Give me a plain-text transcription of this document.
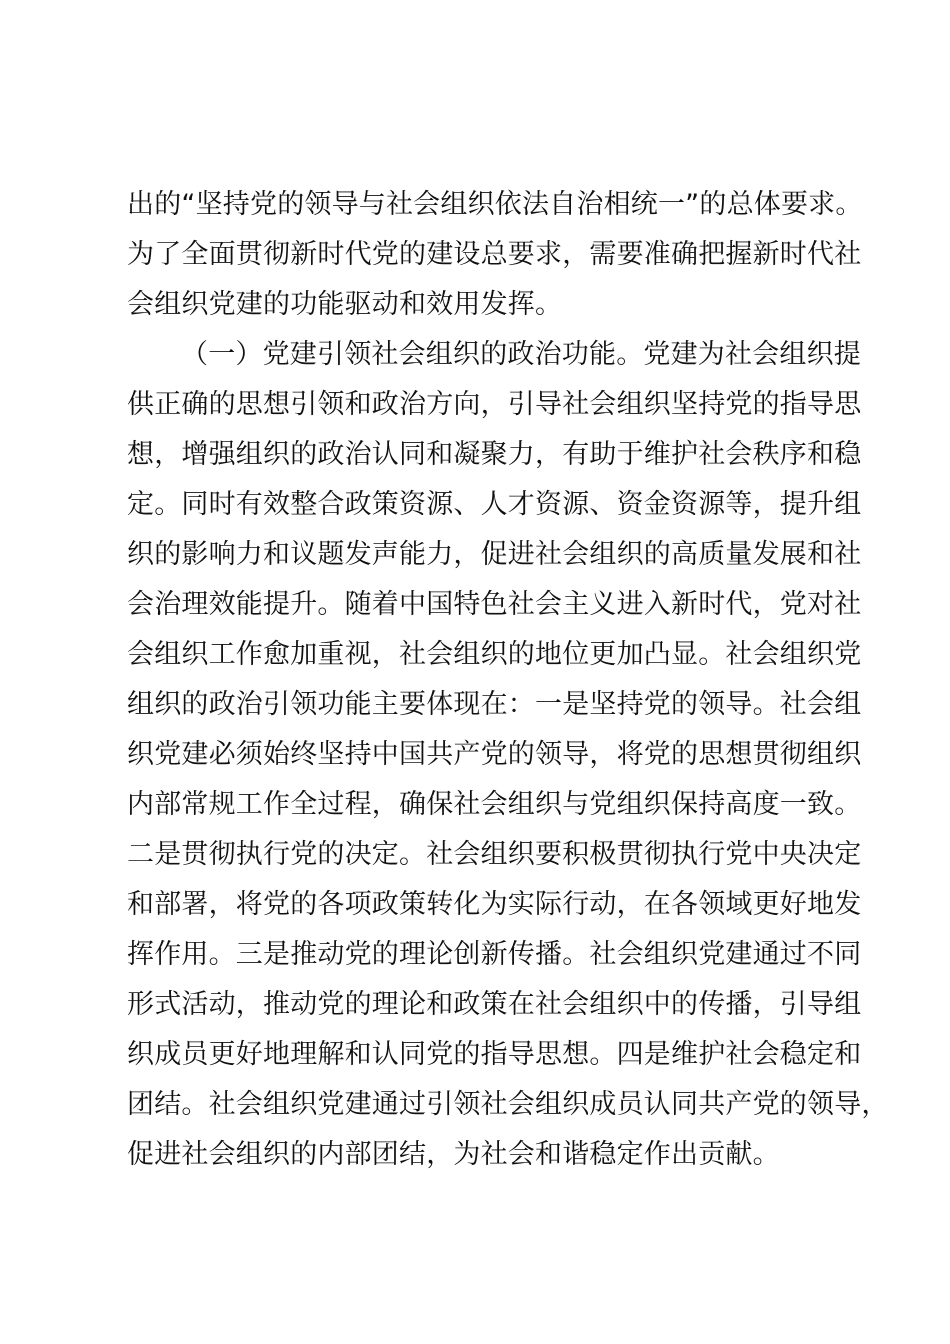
出的“坚持党的领导与社会组织依法自治相统一”的总体要求。

为了全面贯彻新时代党的建设总要求，需要准确把握新时代社

会组织党建的功能驱动和效用发挥。

（一）党建引领社会组织的政治功能。党建为社会组织提

供正确的思想引领和政治方向，引导社会组织坚持党的指导思

想，增强组织的政治认同和凝聚力，有助于维护社会秩序和稳

定。同时有效整合政策资源、人才资源、资金资源等，提升组

织的影响力和议题发声能力，促进社会组织的高质量发展和社

会治理效能提升。随着中国特色社会主义进入新时代，党对社

会组织工作愈加重视，社会组织的地位更加凸显。社会组织党

组织的政治引领功能主要体现在：一是坚持党的领导。社会组

织党建必须始终坚持中国共产党的领导，将党的思想贯彻组织

内部常规工作全过程，确保社会组织与党组织保持高度一致。

二是贯彻执行党的决定。社会组织要积极贯彻执行党中央决定

和部署，将党的各项政策转化为实际行动，在各领域更好地发

挥作用。三是推动党的理论创新传播。社会组织党建通过不同

形式活动，推动党的理论和政策在社会组织中的传播，引导组

织成员更好地理解和认同党的指导思想。四是维护社会稳定和

团结。社会组织党建通过引领社会组织成员认同共产党的领导，

促进社会组织的内部团结，为社会和谐稳定作出贡献。
